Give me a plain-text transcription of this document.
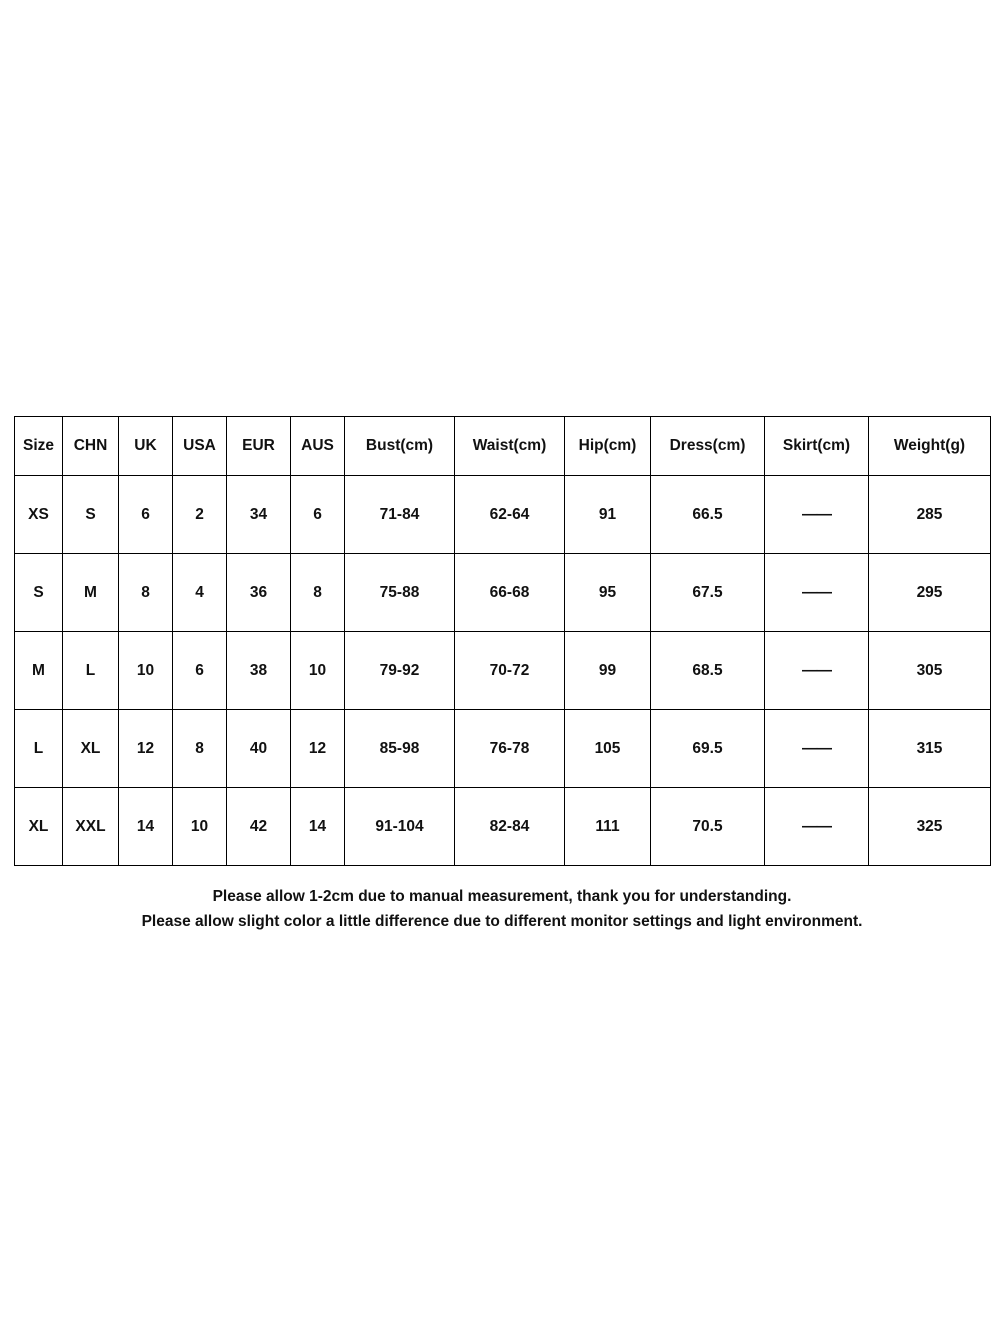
Size	CHN	UK	USA	EUR	AUS	Bust(cm)	Waist(cm)	Hip(cm)	Dress(cm)	Skirt(cm)	Weight(g)
XS	S	6	2	34	6	71-84	62-64	91	66.5	——	285
S	M	8	4	36	8	75-88	66-68	95	67.5	——	295
M	L	10	6	38	10	79-92	70-72	99	68.5	——	305
L	XL	12	8	40	12	85-98	76-78	105	69.5	——	315
XL	XXL	14	10	42	14	91-104	82-84	111	70.5	——	325
Please allow 1-2cm due to manual measurement, thank you for understanding.
Please allow slight color a little difference due to different monitor settings and light environment.
